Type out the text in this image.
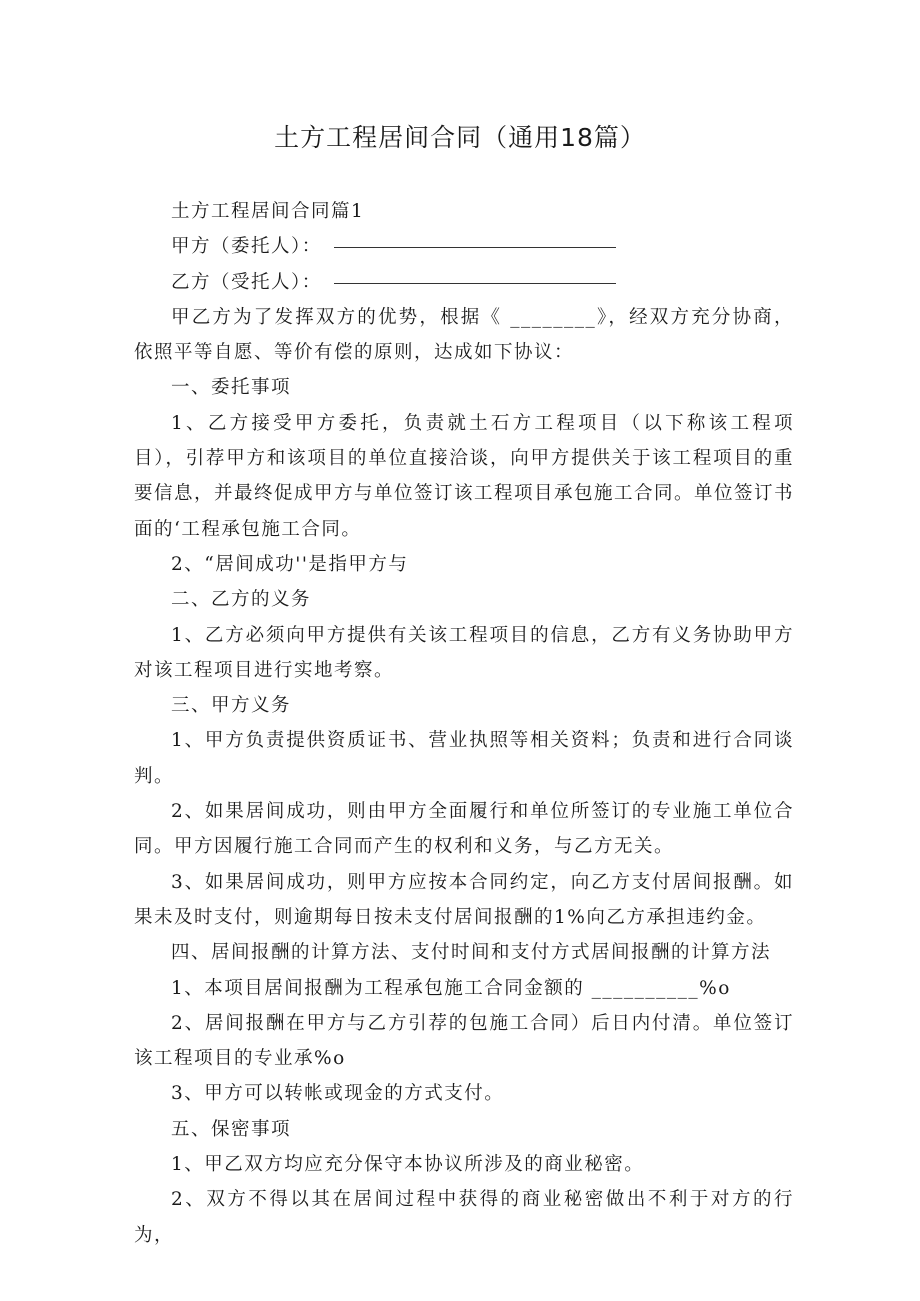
土方工程居间合同（通用18篇）

土方工程居间合同篇1

甲方（委托人）：

乙方（受托人）：

甲乙方为了发挥双方的优势，根据《 ________》，经双方充分协商，依照平等自愿、等价有偿的原则，达成如下协议：

一、委托事项

1、乙方接受甲方委托，负责就土石方工程项目（以下称该工程项目），引荐甲方和该项目的单位直接洽谈，向甲方提供关于该工程项目的重要信息，并最终促成甲方与单位签订该工程项目承包施工合同。单位签订书面的‘工程承包施工合同。

2、“居间成功''是指甲方与

二、乙方的义务

1、乙方必须向甲方提供有关该工程项目的信息，乙方有义务协助甲方对该工程项目进行实地考察。

三、甲方义务

1、甲方负责提供资质证书、营业执照等相关资料；负责和进行合同谈判。

2、如果居间成功，则由甲方全面履行和单位所签订的专业施工单位合同。甲方因履行施工合同而产生的权利和义务，与乙方无关。

3、如果居间成功，则甲方应按本合同约定，向乙方支付居间报酬。如果未及时支付，则逾期每日按未支付居间报酬的1%向乙方承担违约金。

四、居间报酬的计算方法、支付时间和支付方式居间报酬的计算方法

1、本项目居间报酬为工程承包施工合同金额的 __________%o

2、居间报酬在甲方与乙方引荐的包施工合同）后日内付清。单位签订该工程项目的专业承%o

3、甲方可以转帐或现金的方式支付。

五、保密事项

1、甲乙双方均应充分保守本协议所涉及的商业秘密。

2、双方不得以其在居间过程中获得的商业秘密做出不利于对方的行为，
